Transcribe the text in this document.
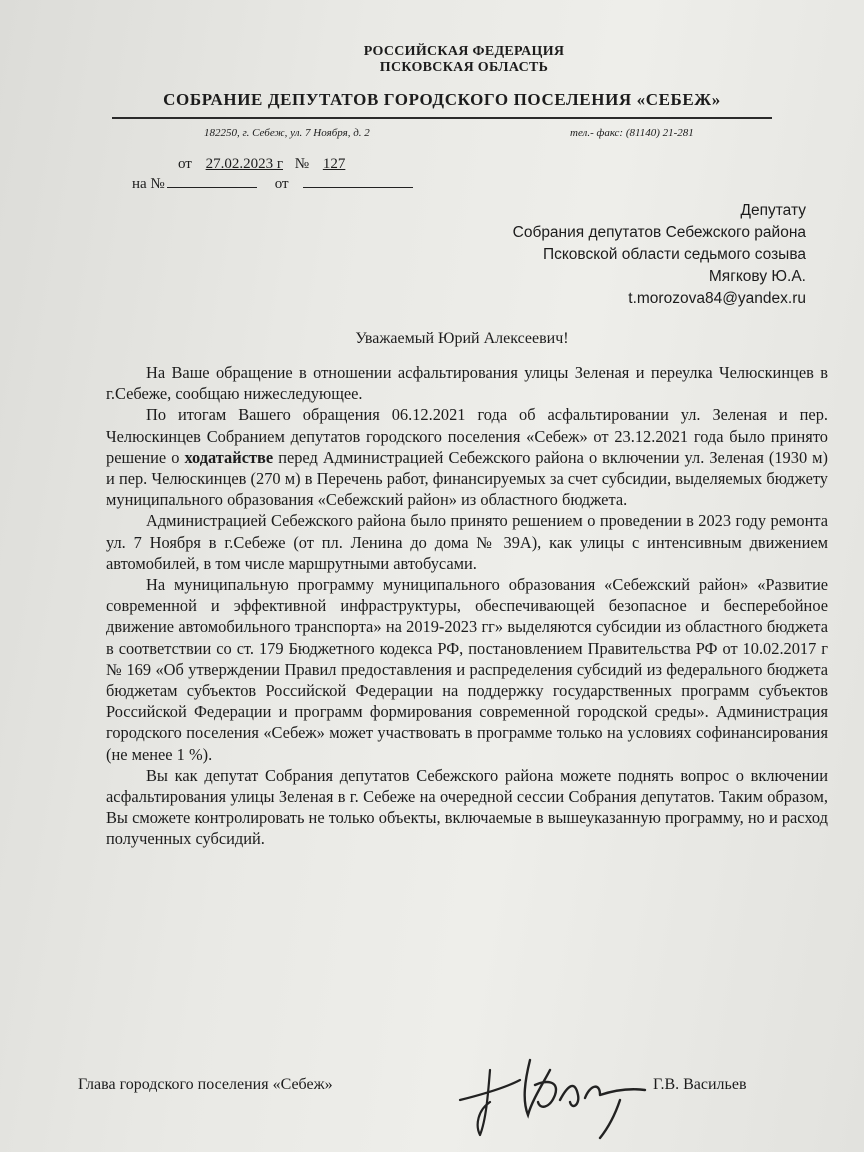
РОССИЙСКАЯ ФЕДЕРАЦИЯ
ПСКОВСКАЯ ОБЛАСТЬ
СОБРАНИЕ ДЕПУТАТОВ ГОРОДСКОГО ПОСЕЛЕНИЯ «СЕБЕЖ»
182250, г. Себеж, ул. 7 Ноября, д. 2	тел.- факс: (81140) 21-281
от 27.02.2023 г № 127
на №	от
Депутату
Собрания депутатов Себежского района
Псковской области седьмого созыва
Мягкову Ю.А.
t.morozova84@yandex.ru
Уважаемый Юрий Алексеевич!

На Ваше обращение в отношении асфальтирования улицы Зеленая и переулка Челюскинцев в г.Себеже, сообщаю нижеследующее.

По итогам Вашего обращения 06.12.2021 года об асфальтировании ул. Зеленая и пер. Челюскинцев Собранием депутатов городского поселения «Себеж» от 23.12.2021 года было принято решение о ходатайстве перед Администрацией Себежского района о включении ул. Зеленая (1930 м) и пер. Челюскинцев (270 м) в Перечень работ, финансируемых за счет субсидии, выделяемых бюджету муниципального образования «Себежский район» из областного бюджета.

Администрацией Себежского района было принято решением о проведении в 2023 году ремонта ул. 7 Ноября в г.Себеже (от пл. Ленина до дома № 39А), как улицы с интенсивным движением автомобилей, в том числе маршрутными автобусами.

На муниципальную программу муниципального образования «Себежский район» «Развитие современной и эффективной инфраструктуры, обеспечивающей безопасное и бесперебойное движение автомобильного транспорта» на 2019-2023 гг» выделяются субсидии из областного бюджета в соответствии со ст. 179 Бюджетного кодекса РФ, постановлением Правительства РФ от 10.02.2017 г № 169 «Об утверждении Правил предоставления и распределения субсидий из федерального бюджета бюджетам субъектов Российской Федерации на поддержку государственных программ субъектов Российской Федерации и программ формирования современной городской среды». Администрация городского поселения «Себеж» может участвовать в программе только на условиях софинансирования (не менее 1 %).

Вы как депутат Собрания депутатов Себежского района можете поднять вопрос о включении асфальтирования улицы Зеленая в г. Себеже на очередной сессии Собрания депутатов. Таким образом, Вы сможете контролировать не только объекты, включаемые в вышеуказанную программу, но и расход полученных субсидий.

Глава городского поселения «Себеж»	Г.В. Васильев
